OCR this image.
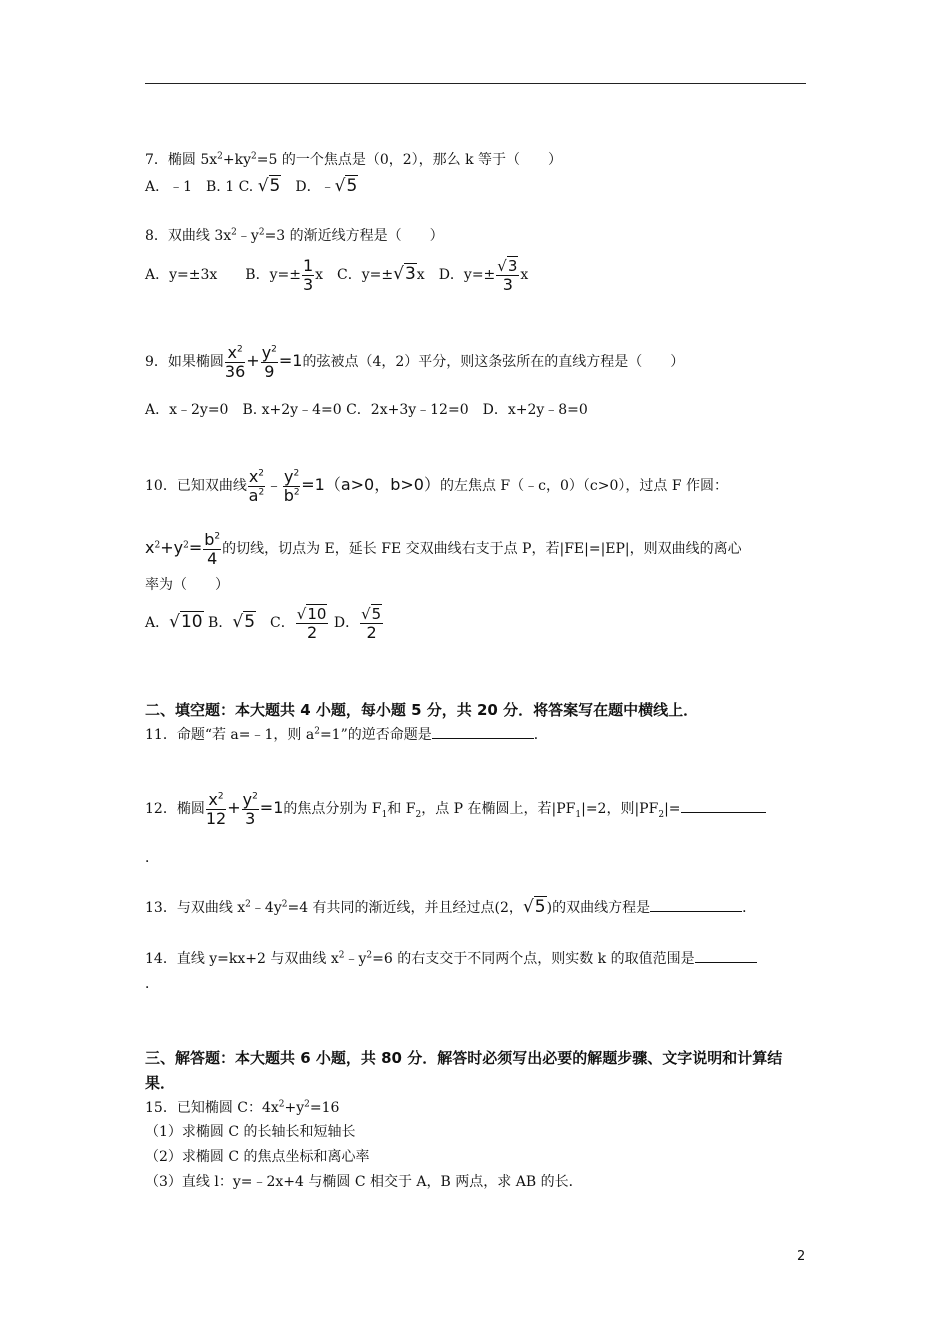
7．椭圆 $5x^2+ky^2=5$ 的一个焦点是（0，2），那么 k 等于（　　）
A．﹣1　B. 1 C. √5　D．﹣√5
8．双曲线 $3x^2﹣y^2=3$ 的渐近线方程是（　　）
A．y=±3x　　B．$y=\pm \frac{1}{3}$ x　C．y=±√3x　D．$y=\pm \frac{√3}{3}$ x
9．如果椭圆 $\frac{x^2}{36} + \frac{y^2}{9} =1$的弦被点（4，2）平分，则这条弦所在的直线方程是（　　）
A．x﹣2y=0　B. x+2y﹣4=0 C．2x+3y﹣12=0　D．x+2y﹣8=0
10．已知双曲线 $\frac{x^2}{a^2}$ ﹣ $\frac{y^2}{b^2} =1(a>0$，b>0）的左焦点 F（﹣c，0）（c>0），过点 F 作圆：
$x^2+y^2= \frac{b^2}{4}$ 的切线，切点为 E，延长 FE 交双曲线右支于点 P，若|FE|=|EP|，则双曲线的离心
率为（　　）
A．√10 B．√5　C． $\frac{√10}{2}$ D． $\frac{√5}{2}$
二、填空题：本大题共 4 小题，每小题 5 分，共 20 分．将答案写在题中横线上．
11．命题“若 a=﹣1，则 $a^2=1$”的逆否命题是	．
12．椭圆 $\frac{x^2}{12} + \frac{y^2}{3} =1$的焦点分别为 $F_1$和 $F_2$，点 P 在椭圆上，若$|PF_1|=2$，则$|PF_2|=$
．
13．与双曲线 $x^2﹣4y^2=4$ 有共同的渐近线，并且经过点(2，√5)的双曲线方程是	．
14．直线 y=kx+2 与双曲线 $x^2﹣y^2=6$ 的右支交于不同两个点，则实数 k 的取值范围是
．
三、解答题：本大题共 6 小题，共 80 分．解答时必须写出必要的解题步骤、文字说明和计算结
果．
15．已知椭圆 C：$4x^2+y^2=16$
（1）求椭圆 C 的长轴长和短轴长
（2）求椭圆 C 的焦点坐标和离心率
（3）直线 l：y=﹣2x+4 与椭圆 C 相交于 A，B 两点，求 AB 的长．
2
